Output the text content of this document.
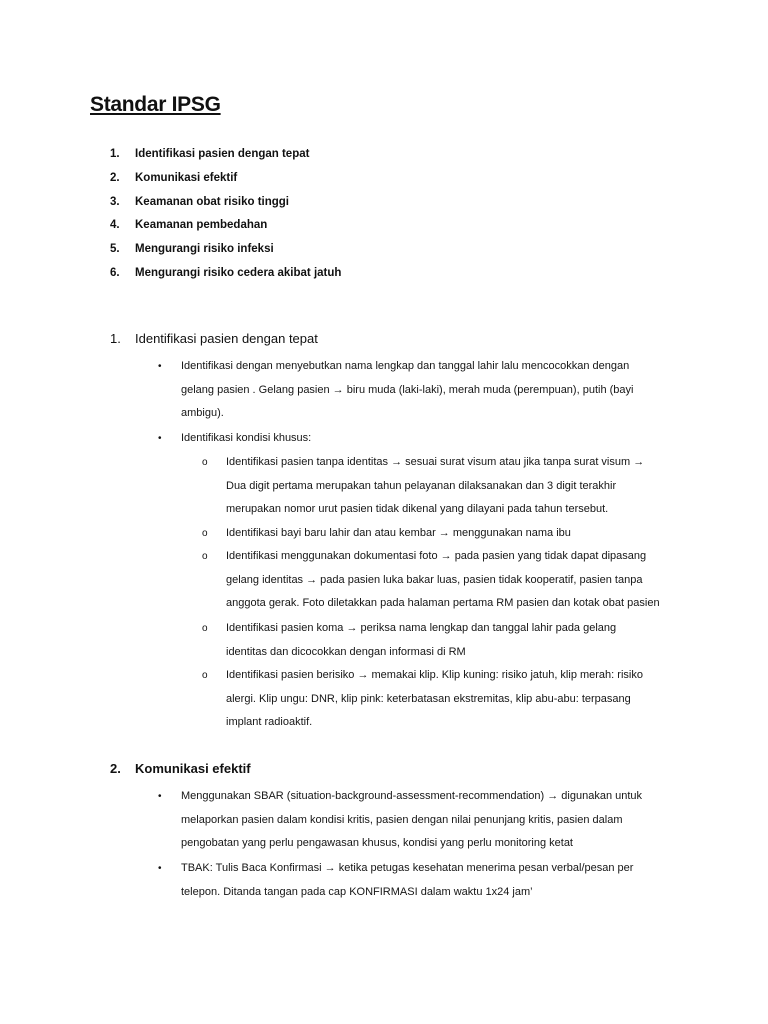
Standar IPSG
1. Identifikasi pasien dengan tepat
2. Komunikasi efektif
3. Keamanan obat risiko tinggi
4. Keamanan pembedahan
5. Mengurangi risiko infeksi
6. Mengurangi risiko cedera akibat jatuh
1. Identifikasi pasien dengan tepat
• Identifikasi dengan menyebutkan nama lengkap dan tanggal lahir lalu mencocokkan dengan
gelang pasien . Gelang pasien → biru muda (laki-laki), merah muda (perempuan), putih (bayi
ambigu).
• Identifikasi kondisi khusus:
o Identifikasi pasien tanpa identitas → sesuai surat visum atau jika tanpa surat visum →
Dua digit pertama merupakan tahun pelayanan dilaksanakan dan 3 digit terakhir
merupakan nomor urut pasien tidak dikenal yang dilayani pada tahun tersebut.
o Identifikasi bayi baru lahir dan atau kembar → menggunakan nama ibu
o Identifikasi menggunakan dokumentasi foto → pada pasien yang tidak dapat dipasang
gelang identitas → pada pasien luka bakar luas, pasien tidak kooperatif, pasien tanpa
anggota gerak. Foto diletakkan pada halaman pertama RM pasien dan kotak obat pasien
o Identifikasi pasien koma → periksa nama lengkap dan tanggal lahir pada gelang
identitas dan dicocokkan dengan informasi di RM
o Identifikasi pasien berisiko → memakai klip. Klip kuning: risiko jatuh, klip merah: risiko
alergi. Klip ungu: DNR, klip pink: keterbatasan ekstremitas, klip abu-abu: terpasang
implant radioaktif.
2. Komunikasi efektif
• Menggunakan SBAR (situation-background-assessment-recommendation) → digunakan untuk
melaporkan pasien dalam kondisi kritis, pasien dengan nilai penunjang kritis, pasien dalam
pengobatan yang perlu pengawasan khusus, kondisi yang perlu monitoring ketat
• TBAK: Tulis Baca Konfirmasi → ketika petugas kesehatan menerima pesan verbal/pesan per
telepon. Ditanda tangan pada cap KONFIRMASI dalam waktu 1x24 jam’
